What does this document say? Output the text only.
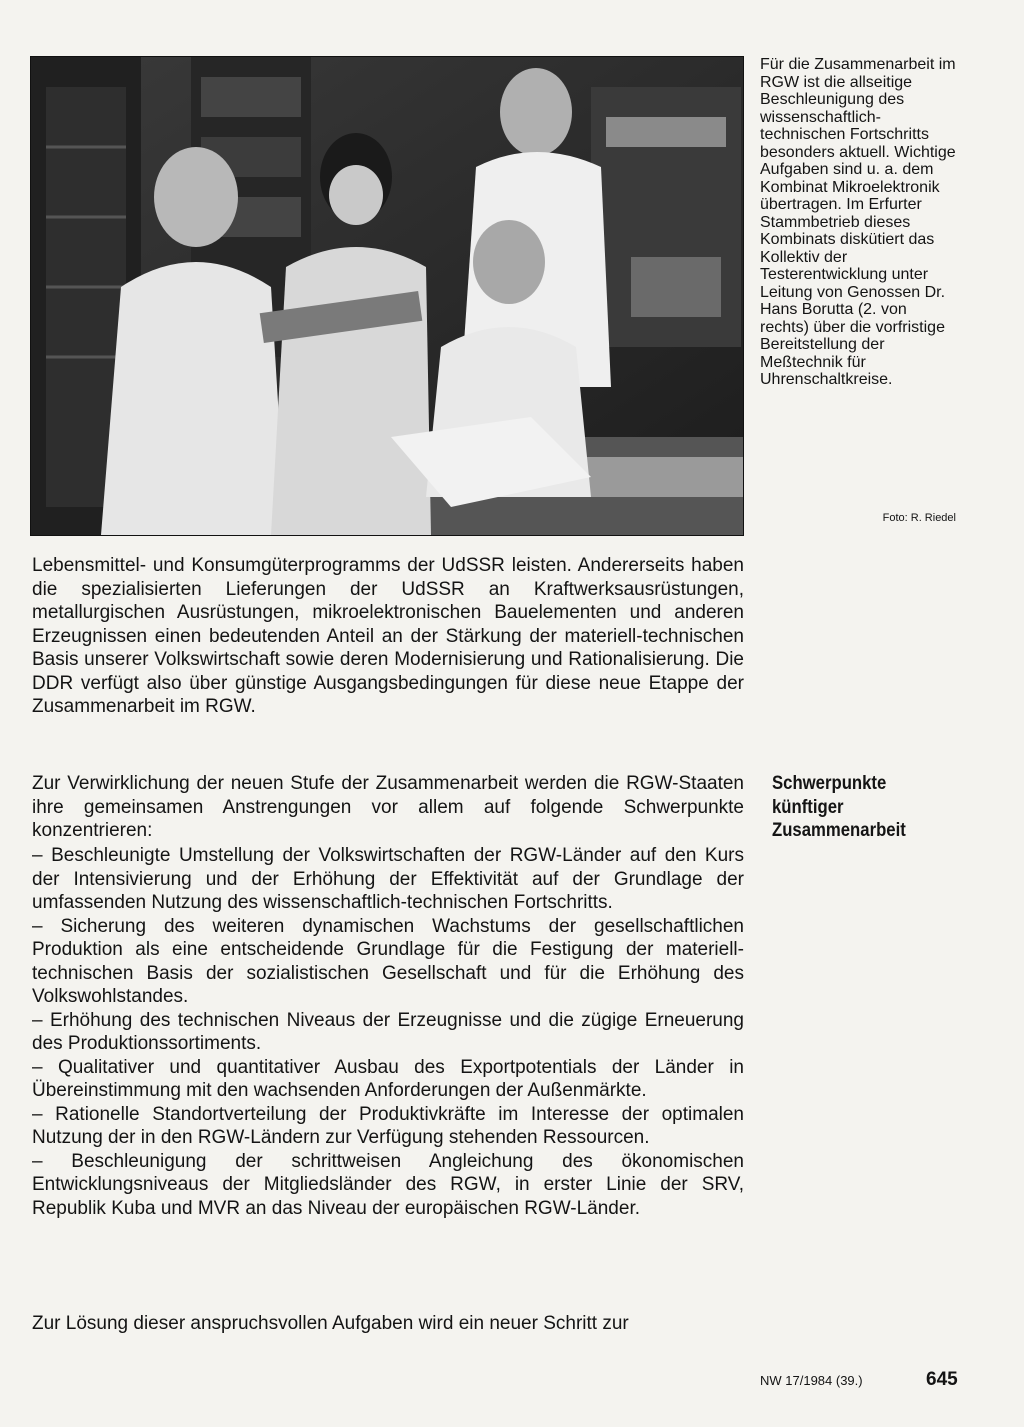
Für die Zusammenarbeit im RGW ist die allseitige Beschleunigung des wissenschaftlich-technischen Fortschritts besonders aktuell. Wichtige Aufgaben sind u. a. dem Kombinat Mikroelektronik übertragen. Im Erfurter Stammbetrieb dieses Kombinats diskütiert das Kollektiv der Testerentwicklung unter Leitung von Genossen Dr. Hans Borutta (2. von rechts) über die vorfristige Bereitstellung der Meßtechnik für Uhrenschaltkreise.

Foto: R. Riedel

Lebensmittel- und Konsumgüterprogramms der UdSSR leisten. Andererseits haben die spezialisierten Lieferungen der UdSSR an Kraftwerksausrüstungen, metallurgischen Ausrüstungen, mikroelektronischen Bauelementen und anderen Erzeugnissen einen bedeutenden Anteil an der Stärkung der materiell-technischen Basis unserer Volkswirtschaft sowie deren Modernisierung und Rationalisierung. Die DDR verfügt also über günstige Ausgangsbedingungen für diese neue Etappe der Zusammenarbeit im RGW.

Zur Verwirklichung der neuen Stufe der Zusammenarbeit werden die RGW-Staaten ihre gemeinsamen Anstrengungen vor allem auf folgende Schwerpunkte konzentrieren:

– Beschleunigte Umstellung der Volkswirtschaften der RGW-Länder auf den Kurs der Intensivierung und der Erhöhung der Effektivität auf der Grundlage der umfassenden Nutzung des wissenschaftlich-technischen Fortschritts.
– Sicherung des weiteren dynamischen Wachstums der gesellschaftlichen Produktion als eine entscheidende Grundlage für die Festigung der materiell-technischen Basis der sozialistischen Gesellschaft und für die Erhöhung des Volkswohlstandes.
– Erhöhung des technischen Niveaus der Erzeugnisse und die zügige Erneuerung des Produktionssortiments.
– Qualitativer und quantitativer Ausbau des Exportpotentials der Länder in Übereinstimmung mit den wachsenden Anforderungen der Außenmärkte.
– Rationelle Standortverteilung der Produktivkräfte im Interesse der optimalen Nutzung der in den RGW-Ländern zur Verfügung stehenden Ressourcen.
– Beschleunigung der schrittweisen Angleichung des ökonomischen Entwicklungsniveaus der Mitgliedsländer des RGW, in erster Linie der SRV, Republik Kuba und MVR an das Niveau der europäischen RGW-Länder.

Zur Lösung dieser anspruchsvollen Aufgaben wird ein neuer Schritt zur

Schwerpunkte künftiger Zusammenarbeit

NW 17/1984 (39.)	645
